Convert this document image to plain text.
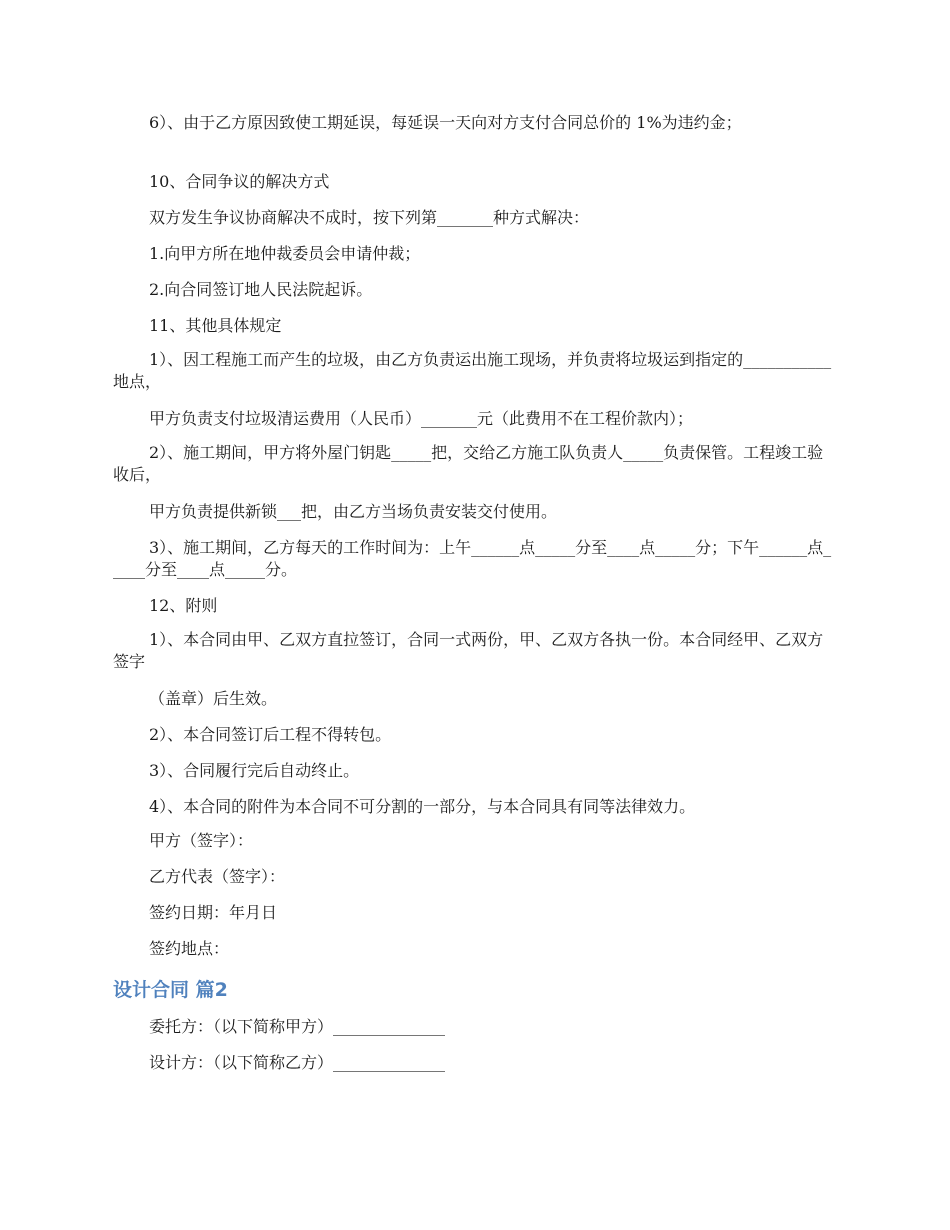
6）、由于乙方原因致使工期延误，每延误一天向对方支付合同总价的 1%为违约金；

10、合同争议的解决方式

双方发生争议协商解决不成时，按下列第_______种方式解决：

1.向甲方所在地仲裁委员会申请仲裁；

2.向合同签订地人民法院起诉。

11、其他具体规定

1）、因工程施工而产生的垃圾，由乙方负责运出施工现场，并负责将垃圾运到指定的___________地点，

甲方负责支付垃圾清运费用（人民币）_______元（此费用不在工程价款内）；

2）、施工期间，甲方将外屋门钥匙_____把，交给乙方施工队负责人_____负责保管。工程竣工验收后，

甲方负责提供新锁___把，由乙方当场负责安装交付使用。

3）、施工期间，乙方每天的工作时间为：上午______点_____分至____点_____分；下午______点_____分至____点_____分。

12、附则

1）、本合同由甲、乙双方直拉签订，合同一式两份，甲、乙双方各执一份。本合同经甲、乙双方签字

（盖章）后生效。

2）、本合同签订后工程不得转包。

3）、合同履行完后自动终止。

4）、本合同的附件为本合同不可分割的一部分，与本合同具有同等法律效力。

甲方（签字）：

乙方代表（签字）：

签约日期：年月日

签约地点：

设计合同 篇2

委托方：（以下简称甲方）______________

设计方：（以下简称乙方）______________
